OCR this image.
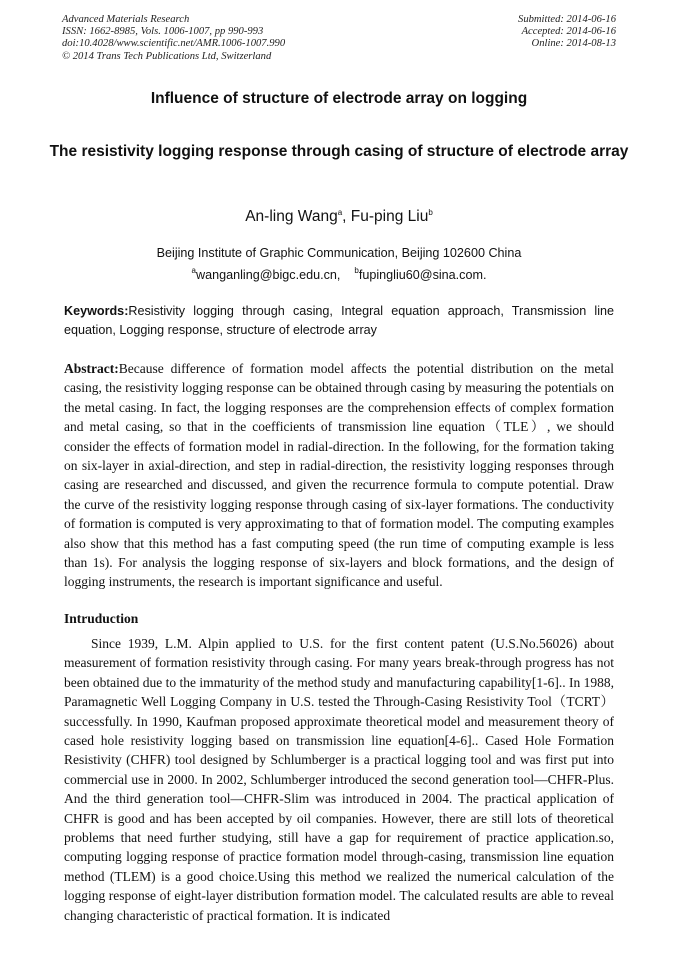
Advanced Materials Research
ISSN: 1662-8985, Vols. 1006-1007, pp 990-993
doi:10.4028/www.scientific.net/AMR.1006-1007.990
© 2014 Trans Tech Publications Ltd, Switzerland
Submitted: 2014-06-16
Accepted: 2014-06-16
Online: 2014-08-13
Influence of structure of electrode array on logging
The resistivity logging response through casing of structure of electrode array
An-ling Wang$^a$, Fu-ping Liu$^b$
Beijing Institute of Graphic Communication, Beijing 102600 China
$^a$wanganling@bigc.edu.cn, $^b$fupingliu60@sina.com.
Keywords:Resistivity logging through casing, Integral equation approach, Transmission line equation, Logging response, structure of electrode array
Abstract:Because difference of formation model affects the potential distribution on the metal casing, the resistivity logging response can be obtained through casing by measuring the potentials on the metal casing. In fact, the logging responses are the comprehension effects of complex formation and metal casing, so that in the coefficients of transmission line equation（TLE）, we should consider the effects of formation model in radial-direction. In the following, for the formation taking on six-layer in axial-direction, and step in radial-direction, the resistivity logging responses through casing are researched and discussed, and given the recurrence formula to compute potential. Draw the curve of the resistivity logging response through casing of six-layer formations. The conductivity of formation is computed is very approximating to that of formation model. The computing examples also show that this method has a fast computing speed (the run time of computing example is less than 1s). For analysis the logging response of six-layers and block formations, and the design of logging instruments, the research is important significance and useful.
Intruduction

Since 1939, L.M. Alpin applied to U.S. for the first content patent (U.S.No.56026) about measurement of formation resistivity through casing. For many years break-through progress has not been obtained due to the immaturity of the method study and manufacturing capability[1-6].. In 1988, Paramagnetic Well Logging Company in U.S. tested the Through-Casing Resistivity Tool（TCRT）successfully. In 1990, Kaufman proposed approximate theoretical model and measurement theory of cased hole resistivity logging based on transmission line equation[4-6].. Cased Hole Formation Resistivity (CHFR) tool designed by Schlumberger is a practical logging tool and was first put into commercial use in 2000. In 2002, Schlumberger introduced the second generation tool—CHFR-Plus. And the third generation tool—CHFR-Slim was introduced in 2004. The practical application of CHFR is good and has been accepted by oil companies. However, there are still lots of theoretical problems that need further studying, still have a gap for requirement of practice application.so, computing logging response of practice formation model through-casing, transmission line equation method (TLEM) is a good choice.Using this method we realized the numerical calculation of the logging response of eight-layer distribution formation model. The calculated results are able to reveal changing characteristic of practical formation. It is indicated
